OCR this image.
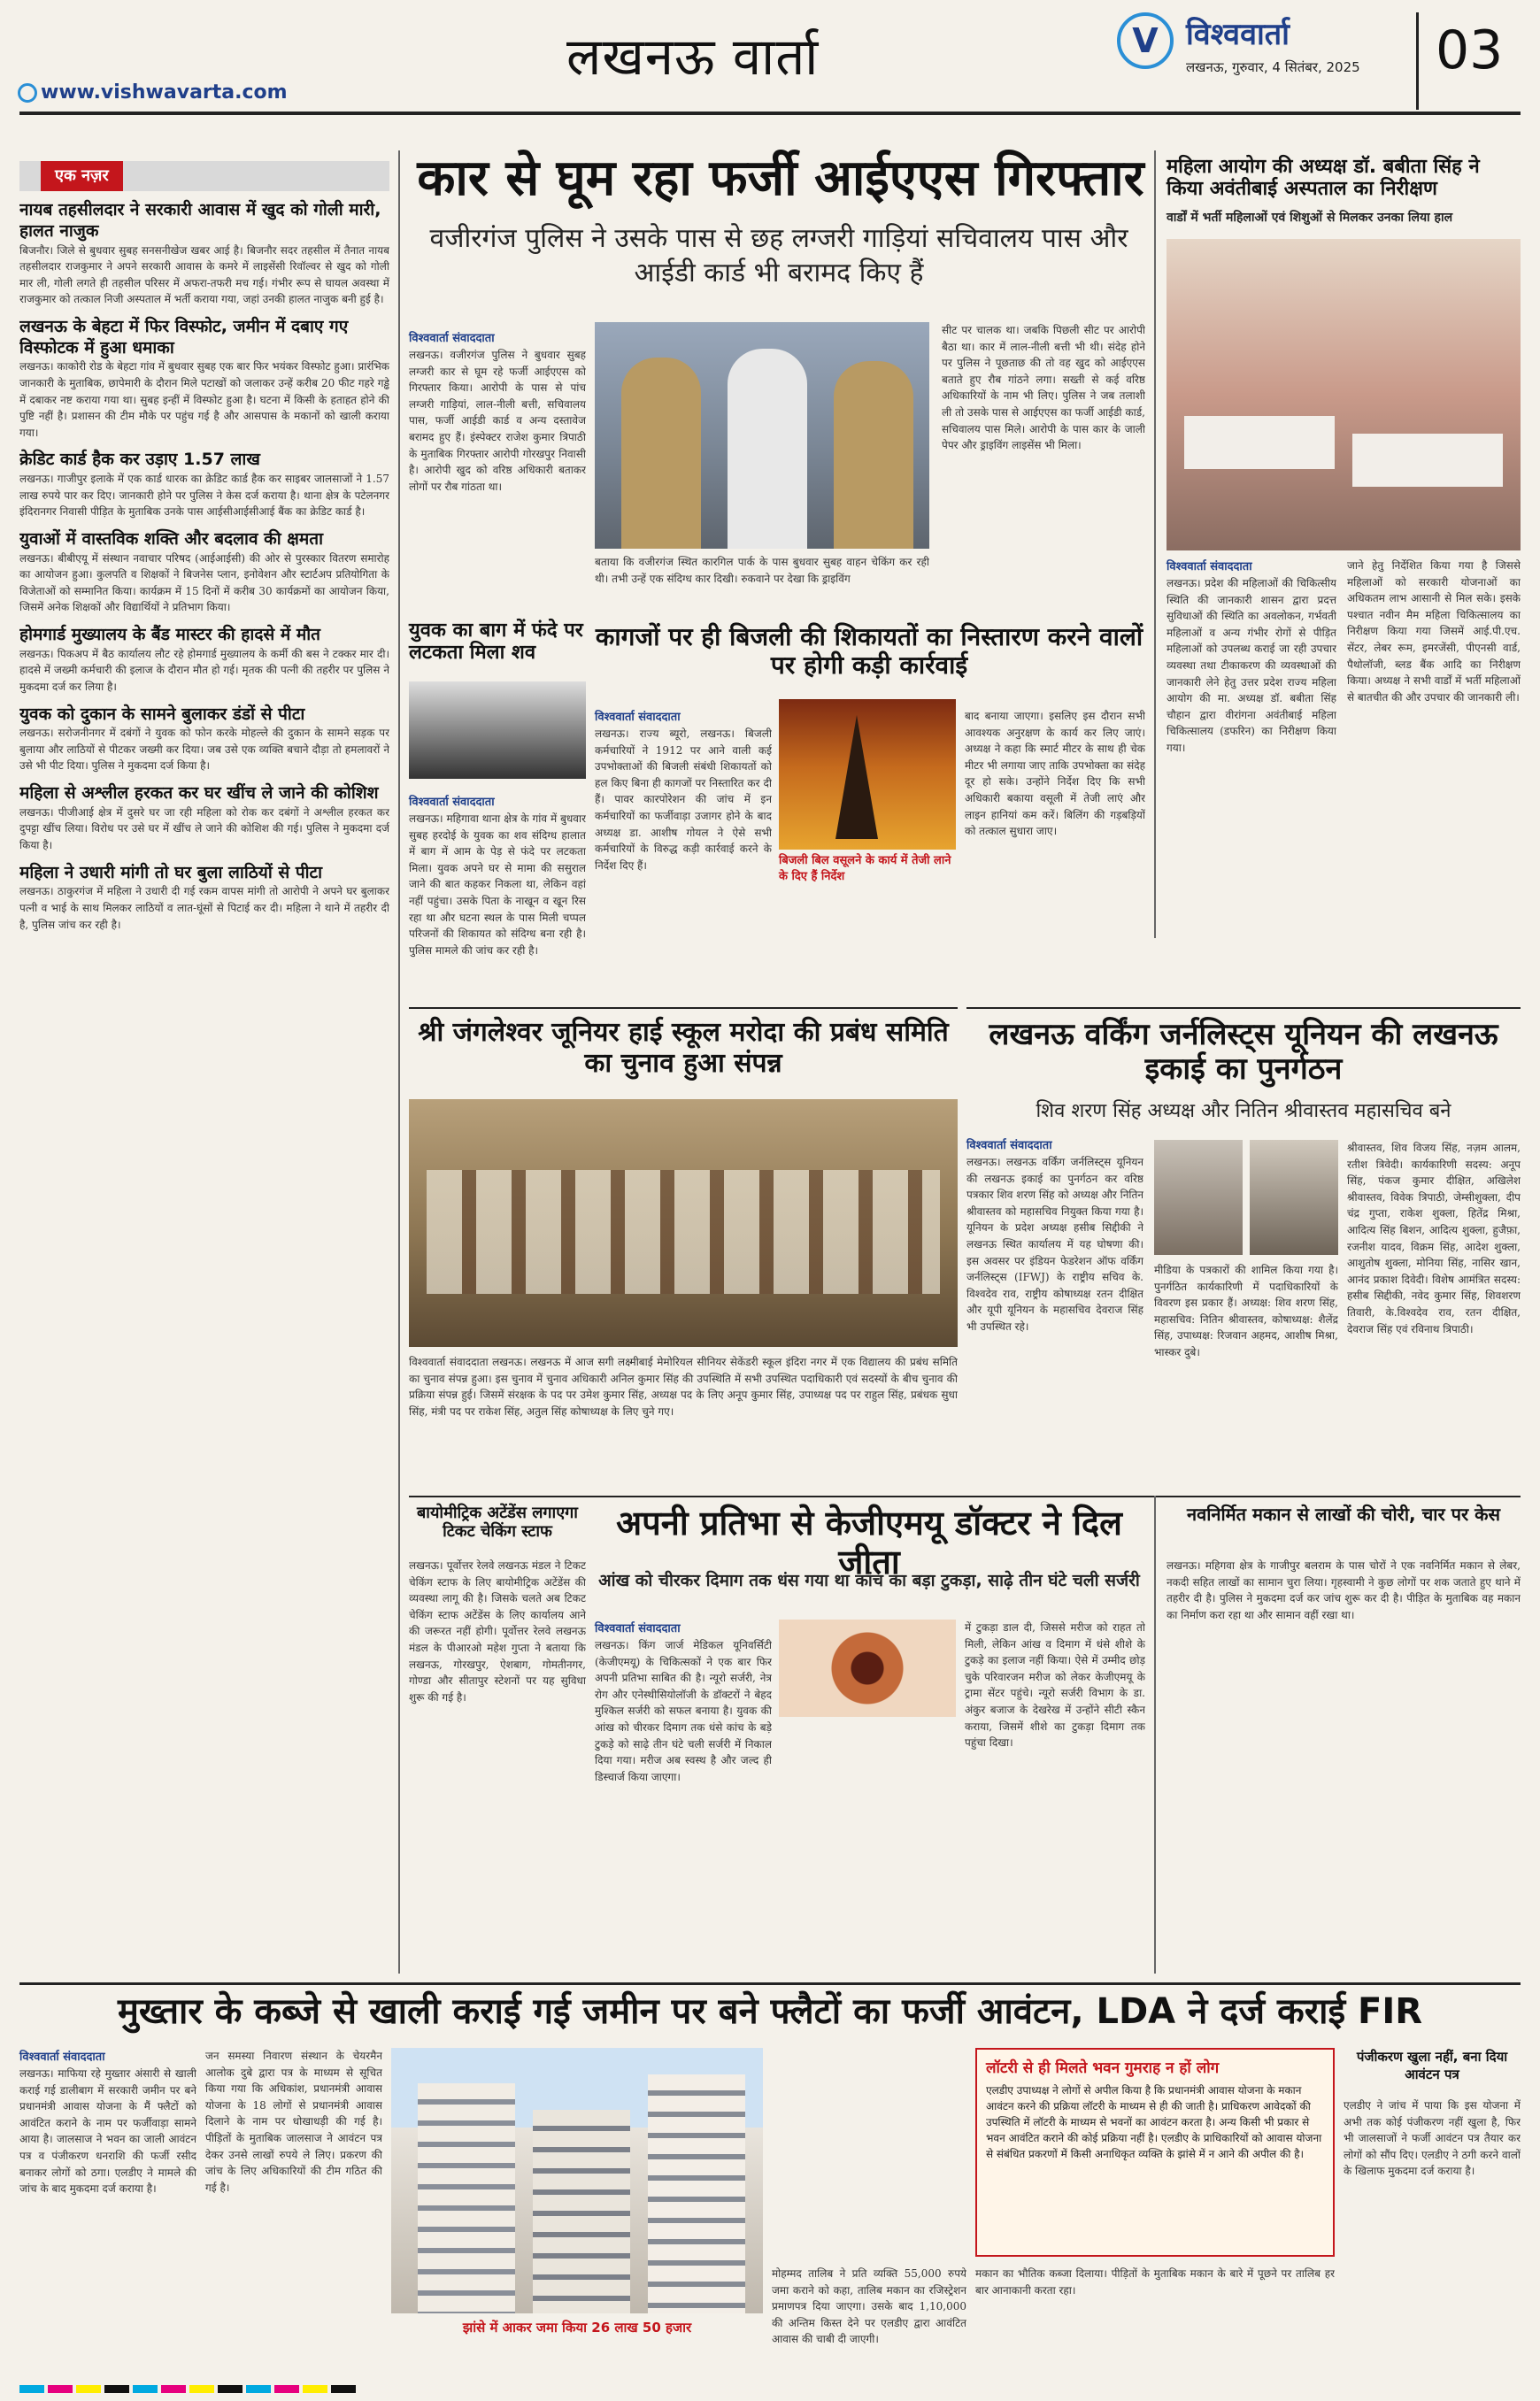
लखनऊ वार्ता
www.vishwavarta.com
V विश्ववार्ता
लखनऊ, गुरुवार, 4 सितंबर, 2025 03
एक नज़र
नायब तहसीलदार ने सरकारी आवास में खुद को गोली मारी, हालत नाजुक
बिजनौर। जिले से बुधवार सुबह सनसनीखेज खबर आई है। बिजनौर सदर तहसील में तैनात नायब तहसीलदार राजकुमार ने अपने सरकारी आवास के कमरे में लाइसेंसी रिवॉल्वर से खुद को गोली मार ली, गोली लगते ही तहसील परिसर में अफरा-तफरी मच गई। गंभीर रूप से घायल अवस्था में राजकुमार को तत्काल निजी अस्पताल में भर्ती कराया गया, जहां उनकी हालत नाजुक बनी हुई है।
लखनऊ के बेहटा में फिर विस्फोट, जमीन में दबाए गए विस्फोटक में हुआ धमाका
लखनऊ। काकोरी रोड के बेहटा गांव में बुधवार सुबह एक बार फिर भयंकर विस्फोट हुआ। प्रारंभिक जानकारी के मुताबिक, छापेमारी के दौरान मिले पटाखों को जलाकर उन्हें करीब 20 फीट गहरे गड्ढे में दबाकर नष्ट कराया गया था। सुबह इन्हीं में विस्फोट हुआ है। घटना में किसी के हताहत होने की पुष्टि नहीं है। प्रशासन की टीम मौके पर पहुंच गई है और आसपास के मकानों को खाली कराया गया।
क्रेडिट कार्ड हैक कर उड़ाए 1.57 लाख
लखनऊ। गाजीपुर इलाके में एक कार्ड धारक का क्रेडिट कार्ड हैक कर साइबर जालसाजों ने 1.57 लाख रुपये पार कर दिए। जानकारी होने पर पुलिस ने केस दर्ज कराया है। थाना क्षेत्र के पटेलनगर इंदिरानगर निवासी पीड़ित के मुताबिक उनके पास आईसीआईसीआई बैंक का क्रेडिट कार्ड है।
युवाओं में वास्तविक शक्ति और बदलाव की क्षमता
लखनऊ। बीबीएयू में संस्थान नवाचार परिषद (आईआईसी) की ओर से पुरस्कार वितरण समारोह का आयोजन हुआ। कुलपति व शिक्षकों ने बिजनेस प्लान, इनोवेशन और स्टार्टअप प्रतियोगिता के विजेताओं को सम्मानित किया। कार्यक्रम में 15 दिनों में करीब 30 कार्यक्रमों का आयोजन किया, जिसमें अनेक शिक्षकों और विद्यार्थियों ने प्रतिभाग किया।
होमगार्ड मुख्यालय के बैंड मास्टर की हादसे में मौत
लखनऊ। पिकअप में बैठ कार्यालय लौट रहे होमगार्ड मुख्यालय के कर्मी की बस ने टक्कर मार दी। हादसे में जख्मी कर्मचारी की इलाज के दौरान मौत हो गई। मृतक की पत्नी की तहरीर पर पुलिस ने मुकदमा दर्ज कर लिया है।
युवक को दुकान के सामने बुलाकर डंडों से पीटा
लखनऊ। सरोजनीनगर में दबंगों ने युवक को फोन करके मोहल्ले की दुकान के सामने सड़क पर बुलाया और लाठियों से पीटकर जख्मी कर दिया। जब उसे एक व्यक्ति बचाने दौड़ा तो हमलावरों ने उसे भी पीट दिया। पुलिस ने मुकदमा दर्ज किया है।
महिला से अश्लील हरकत कर घर खींच ले जाने की कोशिश
लखनऊ। पीजीआई क्षेत्र में दुसरे घर जा रही महिला को रोक कर दबंगों ने अश्लील हरकत कर दुपट्टा खींच लिया। विरोध पर उसे घर में खींच ले जाने की कोशिश की गई। पुलिस ने मुकदमा दर्ज किया है।
महिला ने उधारी मांगी तो घर बुला लाठियों से पीटा
लखनऊ। ठाकुरगंज में महिला ने उधारी दी गई रकम वापस मांगी तो आरोपी ने अपने घर बुलाकर पत्नी व भाई के साथ मिलकर लाठियों व लात-घूंसों से पिटाई कर दी। महिला ने थाने में तहरीर दी है, पुलिस जांच कर रही है।
कार से घूम रहा फर्जी आईएएस गिरफ्तार
वजीरगंज पुलिस ने उसके पास से छह लग्जरी गाड़ियां सचिवालय पास और आईडी कार्ड भी बरामद किए हैं
विश्ववार्ता संवाददाता
लखनऊ। वजीरगंज पुलिस ने बुधवार सुबह लग्जरी कार से घूम रहे फर्जी आईएएस को गिरफ्तार किया। आरोपी के पास से पांच लग्जरी गाड़ियां, लाल-नीली बत्ती, सचिवालय पास, फर्जी आईडी कार्ड व अन्य दस्तावेज बरामद हुए हैं। इंस्पेक्टर राजेश कुमार त्रिपाठी के मुताबिक गिरफ्तार आरोपी गोरखपुर निवासी है। आरोपी खुद को वरिष्ठ अधिकारी बताकर लोगों पर रौब गांठता था।
सीट पर चालक था। जबकि पिछली सीट पर आरोपी बैठा था। कार में लाल-नीली बत्ती भी थी। संदेह होने पर पुलिस ने पूछताछ की तो वह खुद को आईएएस बताते हुए रौब गांठने लगा। सख्ती से कई वरिष्ठ अधिकारियों के नाम भी लिए। पुलिस ने जब तलाशी ली तो उसके पास से आईएएस का फर्जी आईडी कार्ड, सचिवालय पास मिले। आरोपी के पास कार के जाली पेपर और ड्राइविंग लाइसेंस भी मिला।
बताया कि वजीरगंज स्थित कारगिल पार्क के पास बुधवार सुबह वाहन चेकिंग कर रही थी। तभी उन्हें एक संदिग्ध कार दिखी। रुकवाने पर देखा कि ड्राइविंग
युवक का बाग में फंदे पर लटकता मिला शव
विश्ववार्ता संवाददाता
लखनऊ। महिगावा थाना क्षेत्र के गांव में बुधवार सुबह हरदोई के युवक का शव संदिग्ध हालात में बाग में आम के पेड़ से फंदे पर लटकता मिला। युवक अपने घर से मामा की ससुराल जाने की बात कहकर निकला था, लेकिन वहां नहीं पहुंचा। उसके पिता के नाखून व खून रिस रहा था और घटना स्थल के पास मिली चप्पल परिजनों की शिकायत को संदिग्ध बना रही है। पुलिस मामले की जांच कर रही है।
कागजों पर ही बिजली की शिकायतों का निस्तारण करने वालों पर होगी कड़ी कार्रवाई
विश्ववार्ता संवाददाता
लखनऊ। राज्य ब्यूरो, लखनऊ। बिजली कर्मचारियों ने 1912 पर आने वाली कई उपभोक्ताओं की बिजली संबंधी शिकायतों को हल किए बिना ही कागजों पर निस्तारित कर दी हैं। पावर कारपोरेशन की जांच में इन कर्मचारियों का फर्जीवाड़ा उजागर होने के बाद अध्यक्ष डा. आशीष गोयल ने ऐसे सभी कर्मचारियों के विरुद्ध कड़ी कार्रवाई करने के निर्देश दिए हैं।	बिजली बिल वसूलने के कार्य में तेजी लाने के दिए हैं निर्देश
बाद बनाया जाएगा। इसलिए इस दौरान सभी आवश्यक अनुरक्षण के कार्य कर लिए जाएं। अध्यक्ष ने कहा कि स्मार्ट मीटर के साथ ही चेक मीटर भी लगाया जाए ताकि उपभोक्ता का संदेह दूर हो सके। उन्होंने निर्देश दिए कि सभी अधिकारी बकाया वसूली में तेजी लाएं और लाइन हानियां कम करें। बिलिंग की गड़बड़ियों को तत्काल सुधारा जाए।
महिला आयोग की अध्यक्ष डॉ. बबीता सिंह ने किया अवंतीबाई अस्पताल का निरीक्षण
वार्डों में भर्ती महिलाओं एवं शिशुओं से मिलकर उनका लिया हाल
विश्ववार्ता संवाददाता
लखनऊ। प्रदेश की महिलाओं की चिकित्सीय स्थिति की जानकारी शासन द्वारा प्रदत्त सुविधाओं की स्थिति का अवलोकन, गर्भवती महिलाओं व अन्य गंभीर रोगों से पीड़ित महिलाओं को उपलब्ध कराई जा रही उपचार व्यवस्था तथा टीकाकरण की व्यवस्थाओं की जानकारी लेने हेतु उत्तर प्रदेश राज्य महिला आयोग की मा. अध्यक्ष डॉ. बबीता सिंह चौहान द्वारा वीरांगना अवंतीबाई महिला चिकित्सालय (डफरिन) का निरीक्षण किया गया।
जाने हेतु निर्देशित किया गया है जिससे महिलाओं को सरकारी योजनाओं का अधिकतम लाभ आसानी से मिल सके। इसके पश्चात नवीन मैम महिला चिकित्सालय का निरीक्षण किया गया जिसमें आई.पी.एच. सेंटर, लेबर रूम, इमरजेंसी, पीएनसी वार्ड, पैथोलॉजी, ब्लड बैंक आदि का निरीक्षण किया। अध्यक्ष ने सभी वार्डों में भर्ती महिलाओं से बातचीत की और उपचार की जानकारी ली।
श्री जंगलेश्वर जूनियर हाई स्कूल मरोदा की प्रबंध समिति का चुनाव हुआ संपन्न
विश्ववार्ता संवाददाता लखनऊ। लखनऊ में आज सगी लक्ष्मीबाई मेमोरियल सीनियर सेकेंडरी स्कूल इंदिरा नगर में एक विद्यालय की प्रबंध समिति का चुनाव संपन्न हुआ। इस चुनाव में चुनाव अधिकारी अनिल कुमार सिंह की उपस्थिति में सभी उपस्थित पदाधिकारी एवं सदस्यों के बीच चुनाव की प्रक्रिया संपन्न हुई। जिसमें संरक्षक के पद पर उमेश कुमार सिंह, अध्यक्ष पद के लिए अनूप कुमार सिंह, उपाध्यक्ष पद पर राहुल सिंह, प्रबंधक सुधा सिंह, मंत्री पद पर राकेश सिंह, अतुल सिंह कोषाध्यक्ष के लिए चुने गए।
लखनऊ वर्किंग जर्नलिस्ट्स यूनियन की लखनऊ इकाई का पुनर्गठन
शिव शरण सिंह अध्यक्ष और नितिन श्रीवास्तव महासचिव बने
विश्ववार्ता संवाददाता
लखनऊ। लखनऊ वर्किंग जर्नलिस्ट्स यूनियन की लखनऊ इकाई का पुनर्गठन कर वरिष्ठ पत्रकार शिव शरण सिंह को अध्यक्ष और नितिन श्रीवास्तव को महासचिव नियुक्त किया गया है। यूनियन के प्रदेश अध्यक्ष हसीब सिद्दीकी ने लखनऊ स्थित कार्यालय में यह घोषणा की। इस अवसर पर इंडियन फेडरेशन ऑफ वर्किंग जर्नलिस्ट्स (IFWJ) के राष्ट्रीय सचिव के. विश्वदेव राव, राष्ट्रीय कोषाध्यक्ष रतन दीक्षित और यूपी यूनियन के महासचिव देवराज सिंह भी उपस्थित रहे।
मीडिया के पत्रकारों की शामिल किया गया है। पुनर्गठित कार्यकारिणी में पदाधिकारियों के विवरण इस प्रकार हैं। अध्यक्ष: शिव शरण सिंह, महासचिव: नितिन श्रीवास्तव, कोषाध्यक्ष: शैलेंद्र सिंह, उपाध्यक्ष: रिजवान अहमद, आशीष मिश्रा, भास्कर दुबे।
श्रीवास्तव, शिव विजय सिंह, नज़म आलम, रतीश त्रिवेदी। कार्यकारिणी सदस्य: अनूप सिंह, पंकज कुमार दीक्षित, अखिलेश श्रीवास्तव, विवेक त्रिपाठी, जेम्सीशुक्ला, दीप चंद्र गुप्ता, राकेश शुक्ला, हितेंद्र मिश्रा, आदित्य सिंह बिशन, आदित्य शुक्ला, हुजैफ़ा, रजनीश यादव, विक्रम सिंह, आदेश शुक्ला, आशुतोष शुक्ला, मोनिया सिंह, नासिर खान, आनंद प्रकाश दिवेदी। विशेष आमंत्रित सदस्य: हसीब सिद्दीकी, नवेद कुमार सिंह, शिवशरण तिवारी, के.विश्वदेव राव, रतन दीक्षित, देवराज सिंह एवं रविनाथ त्रिपाठी।
बायोमीट्रिक अटेंडेंस लगाएगा टिकट चेकिंग स्टाफ
लखनऊ। पूर्वोत्तर रेलवे लखनऊ मंडल ने टिकट चेकिंग स्टाफ के लिए बायोमीट्रिक अटेंडेंस की व्यवस्था लागू की है। जिसके चलते अब टिकट चेकिंग स्टाफ अटेंडेंस के लिए कार्यालय आने की जरूरत नहीं होगी। पूर्वोत्तर रेलवे लखनऊ मंडल के पीआरओ महेश गुप्ता ने बताया कि लखनऊ, गोरखपुर, ऐशबाग, गोमतीनगर, गोण्डा और सीतापुर स्टेशनों पर यह सुविधा शुरू की गई है।
अपनी प्रतिभा से केजीएमयू डॉक्टर ने दिल जीता
आंख को चीरकर दिमाग तक धंस गया था कांच का बड़ा टुकड़ा, साढ़े तीन घंटे चली सर्जरी
विश्ववार्ता संवाददाता
लखनऊ। किंग जार्ज मेडिकल यूनिवर्सिटी (केजीएमयू) के चिकित्सकों ने एक बार फिर अपनी प्रतिभा साबित की है। न्यूरो सर्जरी, नेत्र रोग और एनेस्थीसियोलॉजी के डॉक्टरों ने बेहद मुश्किल सर्जरी को सफल बनाया है। युवक की आंख को चीरकर दिमाग तक धंसे कांच के बड़े टुकड़े को साढ़े तीन घंटे चली सर्जरी में निकाल दिया गया। मरीज अब स्वस्थ है और जल्द ही डिस्चार्ज किया जाएगा।
में टुकड़ा डाल दी, जिससे मरीज को राहत तो मिली, लेकिन आंख व दिमाग में धंसे शीशे के टुकड़े का इलाज नहीं किया। ऐसे में उम्मीद छोड़ चुके परिवारजन मरीज को लेकर केजीएमयू के ट्रामा सेंटर पहुंचे। न्यूरो सर्जरी विभाग के डा. अंकुर बजाज के देखरेख में उन्होंने सीटी स्कैन कराया, जिसमें शीशे का टुकड़ा दिमाग तक पहुंचा दिखा।
नवनिर्मित मकान से लाखों की चोरी, चार पर केस
लखनऊ। महिगवा क्षेत्र के गाजीपुर बलराम के पास चोरों ने एक नवनिर्मित मकान से लेबर, नकदी सहित लाखों का सामान चुरा लिया। गृहस्वामी ने कुछ लोगों पर शक जताते हुए थाने में तहरीर दी है। पुलिस ने मुकदमा दर्ज कर जांच शुरू कर दी है। पीड़ित के मुताबिक वह मकान का निर्माण करा रहा था और सामान वहीं रखा था।
मुख्तार के कब्जे से खाली कराई गई जमीन पर बने फ्लैटों का फर्जी आवंटन, LDA ने दर्ज कराई FIR
विश्ववार्ता संवाददाता
लखनऊ। माफिया रहे मुख्तार अंसारी से खाली कराई गई डालीबाग में सरकारी जमीन पर बने प्रधानमंत्री आवास योजना के मैं फ्लैटों को आवंटित कराने के नाम पर फर्जीवाड़ा सामने आया है। जालसाज ने भवन का जाली आवंटन पत्र व पंजीकरण धनराशि की फर्जी रसीद बनाकर लोगों को ठगा। एलडीए ने मामले की जांच के बाद मुकदमा दर्ज कराया है।
जन समस्या निवारण संस्थान के चेयरमैन आलोक दुबे द्वारा पत्र के माध्यम से सूचित किया गया कि अधिकांश, प्रधानमंत्री आवास योजना के 18 लोगों से प्रधानमंत्री आवास दिलाने के नाम पर धोखाधड़ी की गई है। पीड़ितों के मुताबिक जालसाज ने आवंटन पत्र देकर उनसे लाखों रुपये ले लिए। प्रकरण की जांच के लिए अधिकारियों की टीम गठित की गई है।
झांसे में आकर जमा किया 26 लाख 50 हजार
मोहम्मद तालिब ने प्रति व्यक्ति 55,000 रुपये जमा कराने को कहा, तालिब मकान का रजिस्ट्रेशन प्रमाणपत्र दिया जाएगा। उसके बाद 1,10,000 की अन्तिम किस्त देने पर एलडीए द्वारा आवंटित आवास की चाबी दी जाएगी।
लॉटरी से ही मिलते भवन गुमराह न हों लोग
एलडीए उपाध्यक्ष ने लोगों से अपील किया है कि प्रधानमंत्री आवास योजना के मकान आवंटन करने की प्रक्रिया लॉटरी के माध्यम से ही की जाती है। प्राधिकरण आवेदकों की उपस्थिति में लॉटरी के माध्यम से भवनों का आवंटन करता है। अन्य किसी भी प्रकार से भवन आवंटित कराने की कोई प्रक्रिया नहीं है। एलडीए के प्राधिकारियों को आवास योजना से संबंधित प्रकरणों में किसी अनाधिकृत व्यक्ति के झांसे में न आने की अपील की है।
मकान का भौतिक कब्जा दिलाया। पीड़ितों के मुताबिक मकान के बारे में पूछने पर तालिब हर बार आनाकानी करता रहा।
पंजीकरण खुला नहीं, बना दिया आवंटन पत्र
एलडीए ने जांच में पाया कि इस योजना में अभी तक कोई पंजीकरण नहीं खुला है, फिर भी जालसाजों ने फर्जी आवंटन पत्र तैयार कर लोगों को सौंप दिए। एलडीए ने ठगी करने वालों के खिलाफ मुकदमा दर्ज कराया है।
